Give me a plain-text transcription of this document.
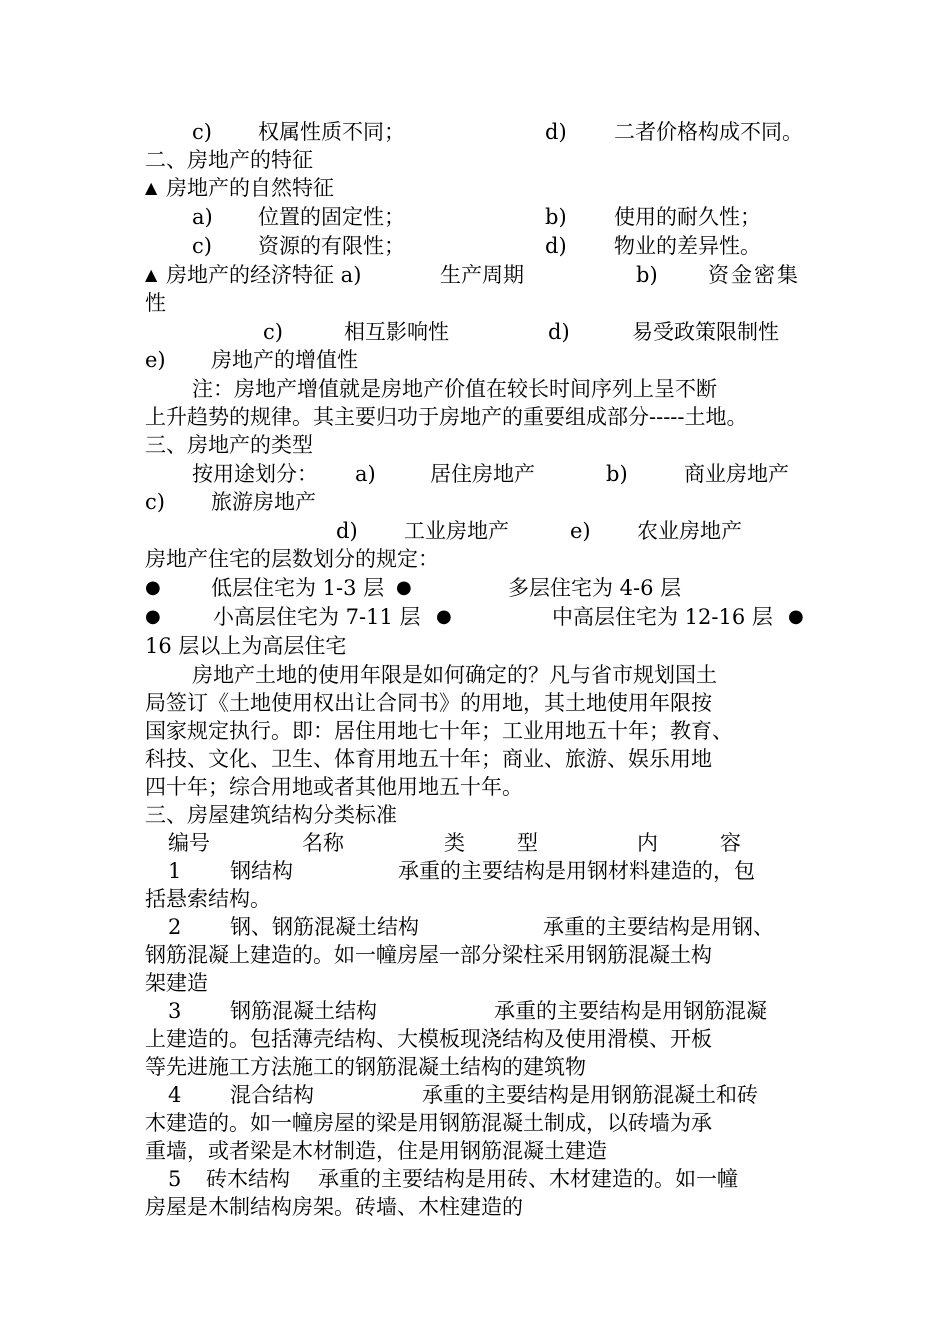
c) 权属性质不同；	d) 二者价格构成不同。
二、房地产的特征
▲ 房地产的自然特征
a) 位置的固定性；	b) 使用的耐久性；
c) 资源的有限性；	d) 物业的差异性。
▲ 房地产的经济特征 a)	生产周期	b) 资金密集
性
c)	相互影响性	d)	易受政策限制性
e) 房地产的增值性
注：房地产增值就是房地产价值在较长时间序列上呈不断
上升趋势的规律。其主要归功于房地产的重要组成部分-----土地。
三、房地产的类型
按用途划分： a)	居住房地产	b)	商业房地产
c) 旅游房地产
d) 工业房地产	e) 农业房地产
房地产住宅的层数划分的规定：
● 低层住宅为 1-3 层 ●	多层住宅为 4-6 层
● 小高层住宅为 7-11 层 ●	中高层住宅为 12-16 层 ●
16 层以上为高层住宅
房地产土地的使用年限是如何确定的？凡与省市规划国土
局签订《土地使用权出让合同书》的用地，其土地使用年限按
国家规定执行。即：居住用地七十年；工业用地五十年；教育、
科技、文化、卫生、体育用地五十年；商业、旅游、娱乐用地
四十年；综合用地或者其他用地五十年。
三、房屋建筑结构分类标准
编号	名称	类 型	内	容
1 钢结构	承重的主要结构是用钢材料建造的，包
括悬索结构。
2 钢、钢筋混凝土结构	承重的主要结构是用钢、
钢筋混凝上建造的。如一幢房屋一部分梁柱采用钢筋混凝土构
架建造
3 钢筋混凝土结构	承重的主要结构是用钢筋混凝
上建造的。包括薄壳结构、大模板现浇结构及使用滑模、开板
等先进施工方法施工的钢筋混凝土结构的建筑物
4 混合结构	承重的主要结构是用钢筋混凝土和砖
木建造的。如一幢房屋的梁是用钢筋混凝土制成，以砖墙为承
重墙，或者梁是木材制造，住是用钢筋混凝土建造
5 砖木结构 承重的主要结构是用砖、木材建造的。如一幢
房屋是木制结构房架。砖墙、木柱建造的
